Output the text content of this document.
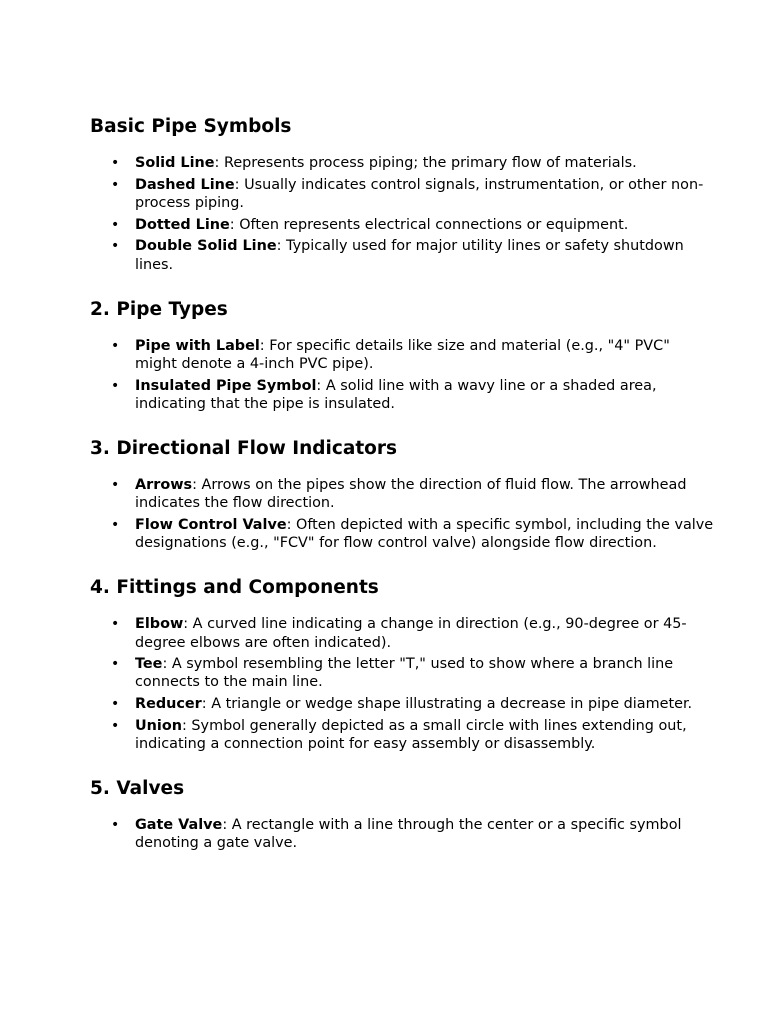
Basic Pipe Symbols
• Solid Line: Represents process piping; the primary flow of materials.
• Dashed Line: Usually indicates control signals, instrumentation, or other non-process piping.
• Dotted Line: Often represents electrical connections or equipment.
• Double Solid Line: Typically used for major utility lines or safety shutdown lines.
2. Pipe Types
• Pipe with Label: For specific details like size and material (e.g., "4" PVC" might denote a 4-inch PVC pipe).
• Insulated Pipe Symbol: A solid line with a wavy line or a shaded area, indicating that the pipe is insulated.
3. Directional Flow Indicators
• Arrows: Arrows on the pipes show the direction of fluid flow. The arrowhead indicates the flow direction.
• Flow Control Valve: Often depicted with a specific symbol, including the valve designations (e.g., "FCV" for flow control valve) alongside flow direction.
4. Fittings and Components
• Elbow: A curved line indicating a change in direction (e.g., 90-degree or 45-degree elbows are often indicated).
• Tee: A symbol resembling the letter "T," used to show where a branch line connects to the main line.
• Reducer: A triangle or wedge shape illustrating a decrease in pipe diameter.
• Union: Symbol generally depicted as a small circle with lines extending out, indicating a connection point for easy assembly or disassembly.
5. Valves
• Gate Valve: A rectangle with a line through the center or a specific symbol denoting a gate valve.
